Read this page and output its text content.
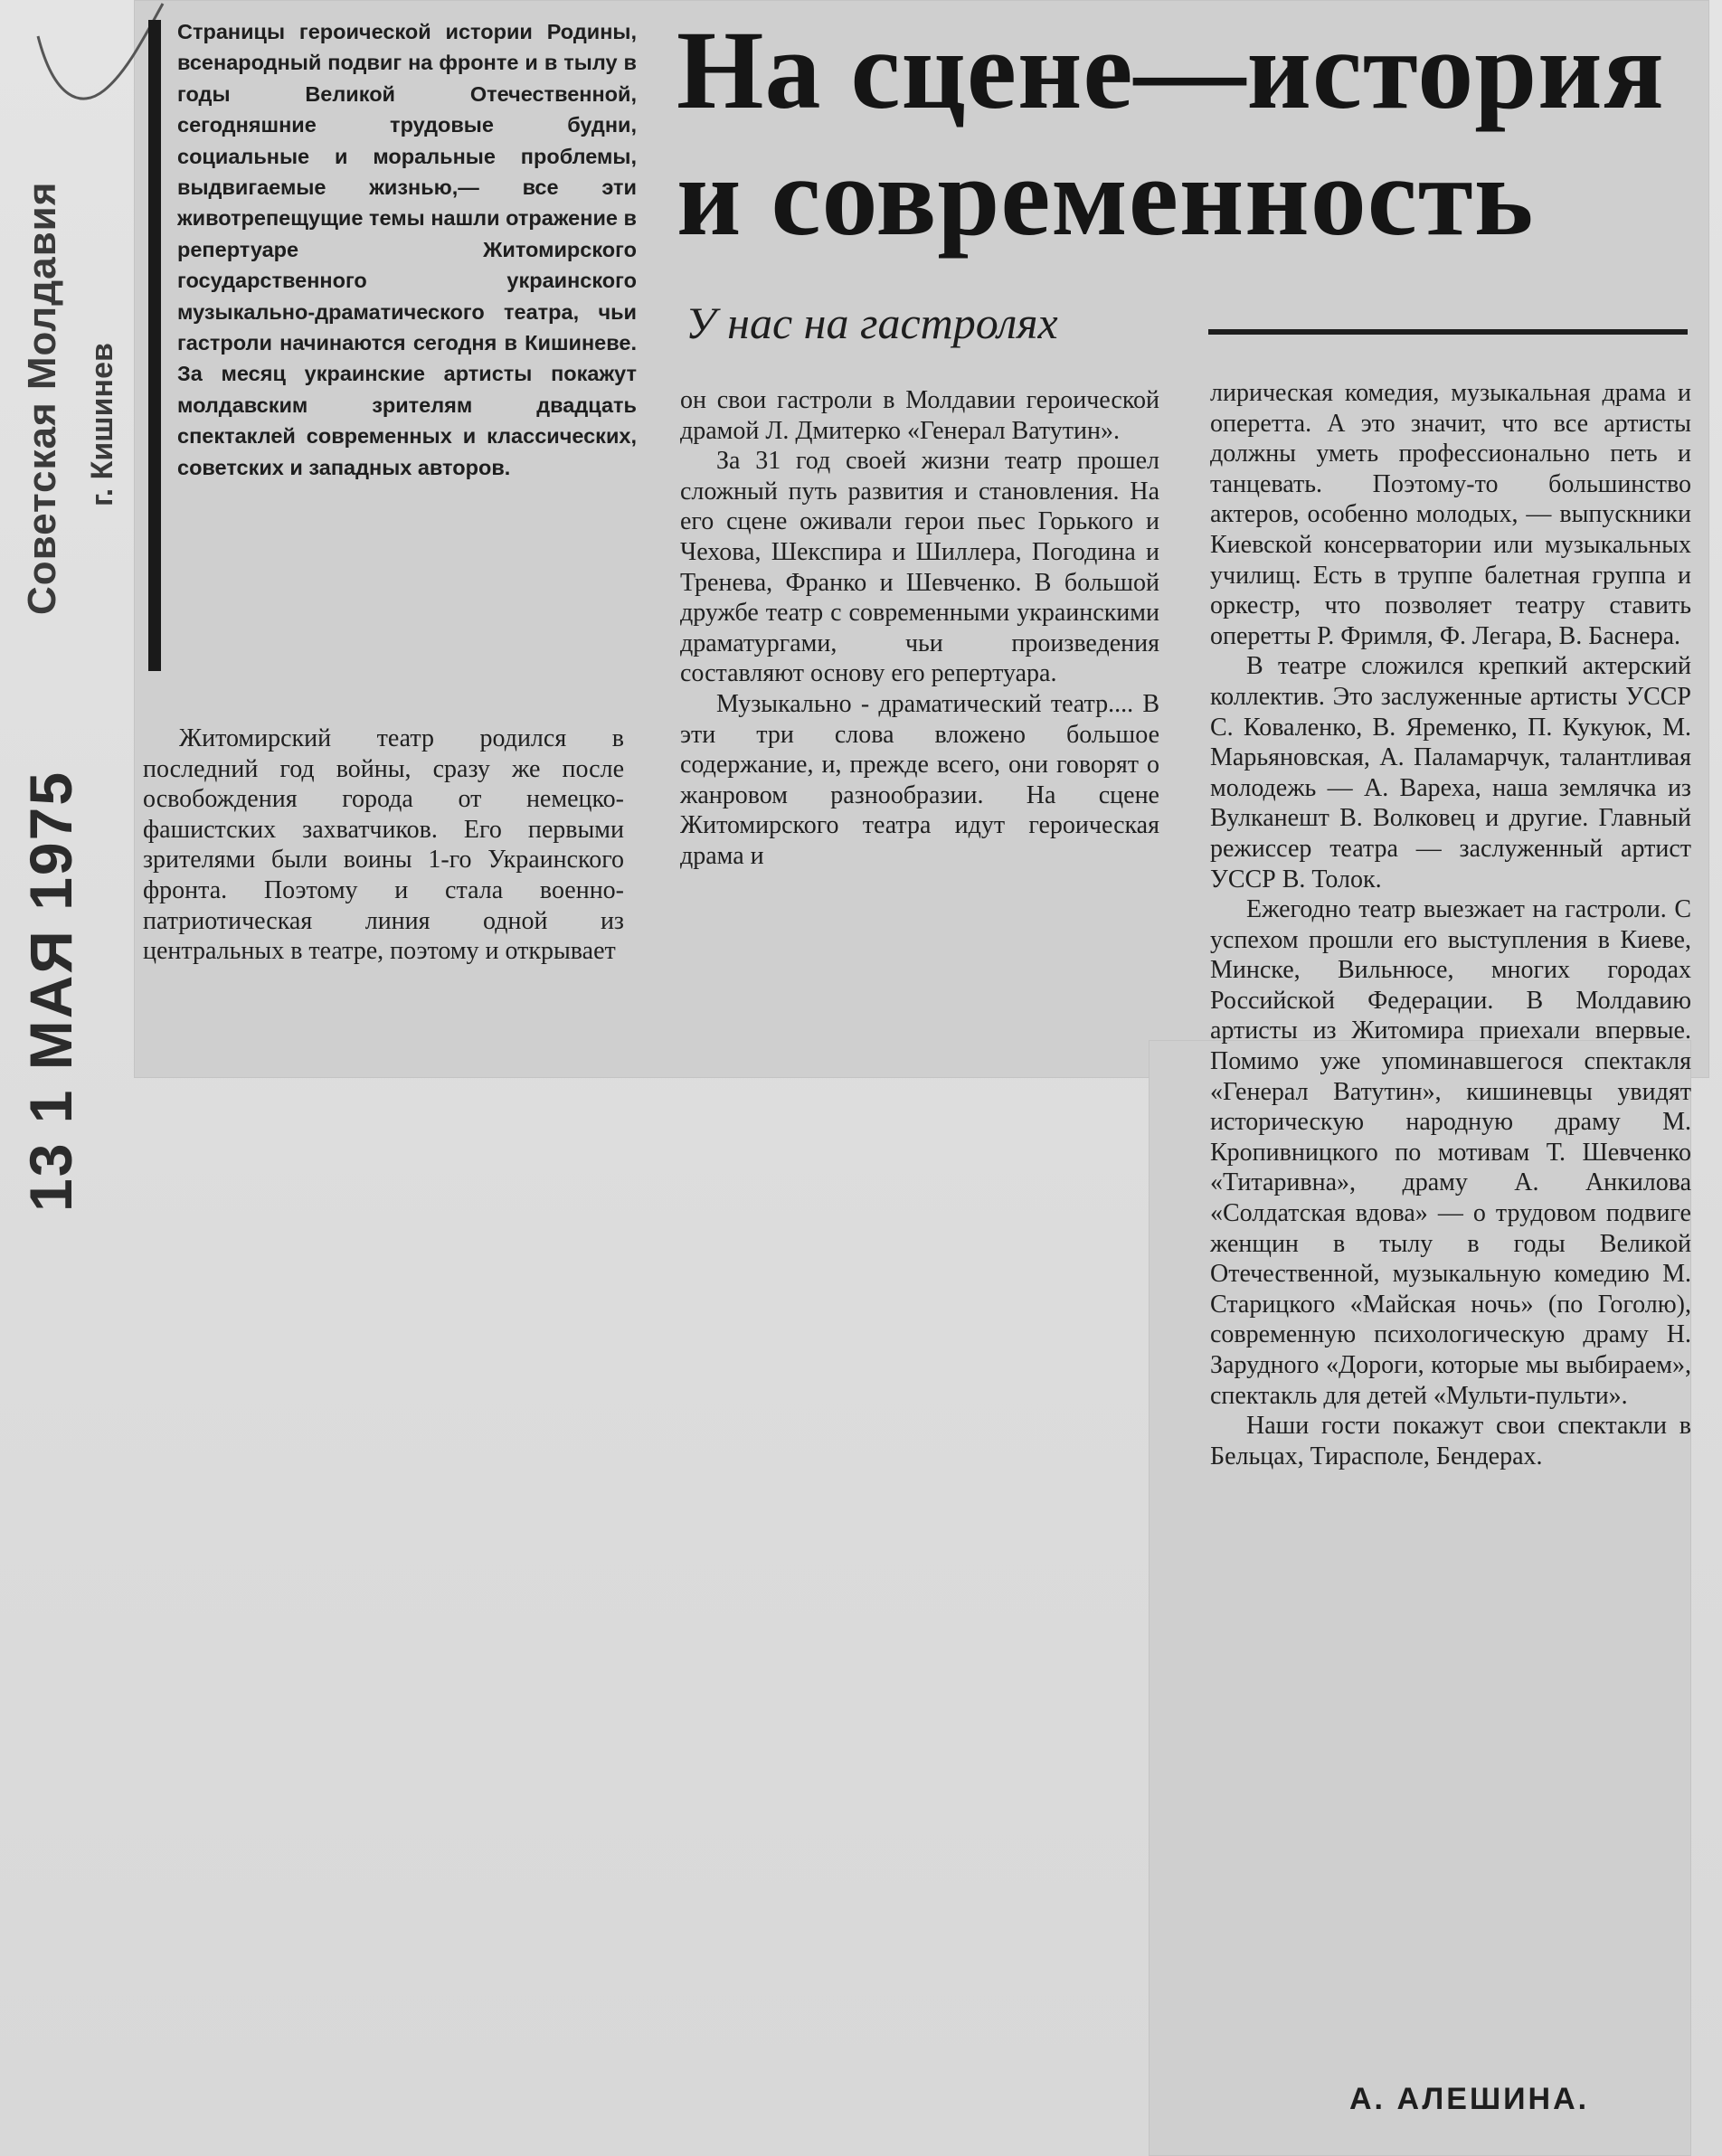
Советская Молдавия г. Кишинев
13 1 МАЯ 1975

Страницы героической истории Родины, всенародный подвиг на фронте и в тылу в годы Великой Отечественной, сегодняшние трудовые будни, социальные и моральные проблемы, выдвигаемые жизнью,— все эти животрепещущие темы нашли отражение в репертуаре Житомирского государственного украинского музыкально-драматического театра, чьи гастроли начинаются сегодня в Кишиневе. За месяц украинские артисты покажут молдавским зрителям двадцать спектаклей современных и классических, советских и западных авторов.

На сцене—история
и современность
У нас на гастролях

Житомирский театр родился в последний год войны, сразу же после освобождения города от немецко-фашистских захватчиков. Его первыми зрителями были воины 1-го Украинского фронта. Поэтому и стала военно-патриотическая линия одной из центральных в театре, поэтому и открывает

он свои гастроли в Молдавии героической драмой Л. Дмитерко «Генерал Ватутин».

За 31 год своей жизни театр прошел сложный путь развития и становления. На его сцене оживали герои пьес Горького и Чехова, Шекспира и Шиллера, Погодина и Тренева, Франко и Шевченко. В большой дружбе театр с современными украинскими драматургами, чьи произведения составляют основу его репертуара.

Музыкально - драматический театр.... В эти три слова вложено большое содержание, и, прежде всего, они говорят о жанровом разнообразии. На сцене Житомирского театра идут героическая драма и

лирическая комедия, музыкальная драма и оперетта. А это значит, что все артисты должны уметь профессионально петь и танцевать. Поэтому-то большинство актеров, особенно молодых, — выпускники Киевской консерватории или музыкальных училищ. Есть в труппе балетная группа и оркестр, что позволяет театру ставить оперетты Р. Фримля, Ф. Легара, В. Баснера.

В театре сложился крепкий актерский коллектив. Это заслуженные артисты УССР С. Коваленко, В. Яременко, П. Кукуюк, М. Марьяновская, А. Паламарчук, талантливая молодежь — А. Вареха, наша землячка из Вулканешт В. Волковец и другие. Главный режиссер театра — заслуженный артист УССР В. Толок.

Ежегодно театр выезжает на гастроли. С успехом прошли его выступления в Киеве, Минске, Вильнюсе, многих городах Российской Федерации. В Молдавию артисты из Житомира приехали впервые. Помимо уже упоминавшегося спектакля «Генерал Ватутин», кишиневцы увидят историческую народную драму М. Кропивницкого по мотивам Т. Шевченко «Титаривна», драму А. Анкилова «Солдатская вдова» — о трудовом подвиге женщин в тылу в годы Великой Отечественной, музыкальную комедию М. Старицкого «Майская ночь» (по Гоголю), современную психологическую драму Н. Зарудного «Дороги, которые мы выбираем», спектакль для детей «Мульти-пульти».

Наши гости покажут свои спектакли в Бельцах, Тирасполе, Бендерах.

А. АЛЕШИНА.
